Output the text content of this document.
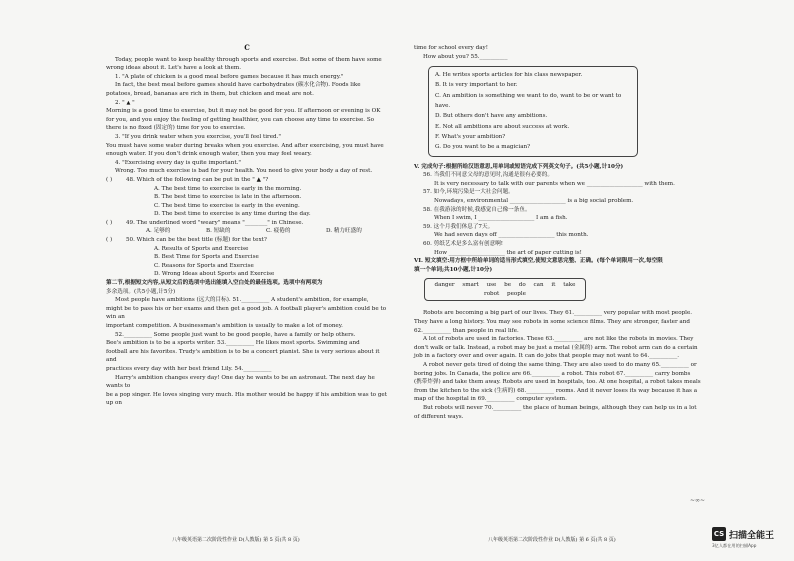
C

Today, people want to keep healthy through sports and exercise. But some of them have some wrong ideas about it. Let's have a look at them.

1. "A plate of chicken is a good meal before games because it has much energy."

In fact, the best meal before games should have carbohydrates (碳水化合物). Foods like potatoes, bread, bananas are rich in them, but chicken and meat are not.

2. " ▲ "

Morning is a good time to exercise, but it may not be good for you. If afternoon or evening is OK for you, and you enjoy the feeling of getting healthier, you can choose any time to exercise. So there is no fixed (固定的) time for you to exercise.

3. "If you drink water when you exercise, you'll feel tired."

You must have some water during breaks when you exercise. And after exercising, you must have enough water. If you don't drink enough water, then you may feel weary.

4. "Exercising every day is quite important."

Wrong. Too much exercise is bad for your health. You need to give your body a day of rest.

( )	48. Which of the following can be put in the " ▲ "?

A. The best time to exercise is early in the morning.

B. The best time to exercise is late in the afternoon.

C. The best time to exercise is early in the evening.

D. The best time to exercise is any time during the day.

( )	49. The underlined word "weary" means "________" in Chinese.
A. 足够的	B. 短缺的	C. 疲倦的	D. 精力旺盛的
( )	50. Which can be the best title (标题) for the text?

A. Results of Sports and Exercise

B. Best Time for Sports and Exercise

C. Reasons for Sports and Exercise

D. Wrong Ideas about Sports and Exercise

第二节,根据短文内容,从短文后的选项中选出能填入空白处的最佳选项。选项中有两项为

多余选项。(共5小题,计5分)

Most people have ambitions (远大的目标). 51.__________ A student's ambition, for example,

might be to pass his or her exams and then get a good job. A football player's ambition could be to win an

important competition. A businessman's ambition is usually to make a lot of money.

52.__________ Some people just want to be good people, have a family or help others.

Bee's ambition is to be a sports writer. 53.__________ He likes most sports. Swimming and

football are his favorites. Trudy's ambition is to be a concert pianist. She is very serious about it and

practices every day with her best friend Lily. 54.__________

Harry's ambition changes every day! One day he wants to be an astronaut. The next day he wants to

be a pop singer. He loves singing very much. His mother would be happy if his ambition was to get up on

八年级英语第二次阶段性作业 D(人教版) 第 5 页(共 8 页)

time for school every day!

How about you? 55.__________

A. He writes sports articles for his class newspaper.

B. It is very important to her.

C. An ambition is something we want to do, want to be or want to have.

D. But others don't have any ambitions.

E. Not all ambitions are about success at work.

F. What's your ambition?

G. Do you want to be a magician?

V. 完成句子:根据所给汉语意思,用单词或短语完成下列英文句子。(共5小题,计10分)

56. 当我们不同意父母的意见时,沟通是很有必要的。

It is very necessary to talk with our parents when we ____________________ with them.

57. 如今,环境污染是一大社会问题。

Nowadays, environmental ____________________ is a big social problem.

58. 在我游泳的时候,我感觉自己像一条鱼。

When I swim, I ____________________ I am a fish.

59. 这个月我们休息了7天。

We had seven days off ____________________ this month.

60. 剪纸艺术是多么富有创意啊!

How ____________________ the art of paper cutting is!

VI. 短文填空:用方框中所给单词的适当形式填空,使短文意思完整、正确。(每个单词限用一次,每空限

填一个单词;共10小题,计10分)

danger smart use be do can it take robot people

Robots are becoming a big part of our lives. They 61.__________ very popular with most people.

They have a long history. You may see robots in some science films. They are stronger, faster and

62.__________ than people in real life.

A lot of robots are used in factories. These 63.__________ are not like the robots in movies. They

don't walk or talk. Instead, a robot may be just a metal (金属的) arm. The robot arm can do a certain

job in a factory over and over again. It can do jobs that people may not want to 64.__________.

A robot never gets tired of doing the same thing. They are also used to do many 65.__________ or

boring jobs. In Canada, the police are 66.__________ a robot. This robot 67.__________ carry bombs

(携带炸弹) and take them away. Robots are used in hospitals, too. At one hospital, a robot takes meals

from the kitchen to the sick (生病的) 68.__________ rooms. And it never loses its way because it has a map of the hospital in 69.__________ computer system.

But robots will never 70.__________ the place of human beings, although they can help us in a lot

of different ways.

八年级英语第二次阶段性作业 D(人教版) 第 6 页(共 8 页)

~∞~
CS 扫描全能王

3亿人都在用的扫描App
